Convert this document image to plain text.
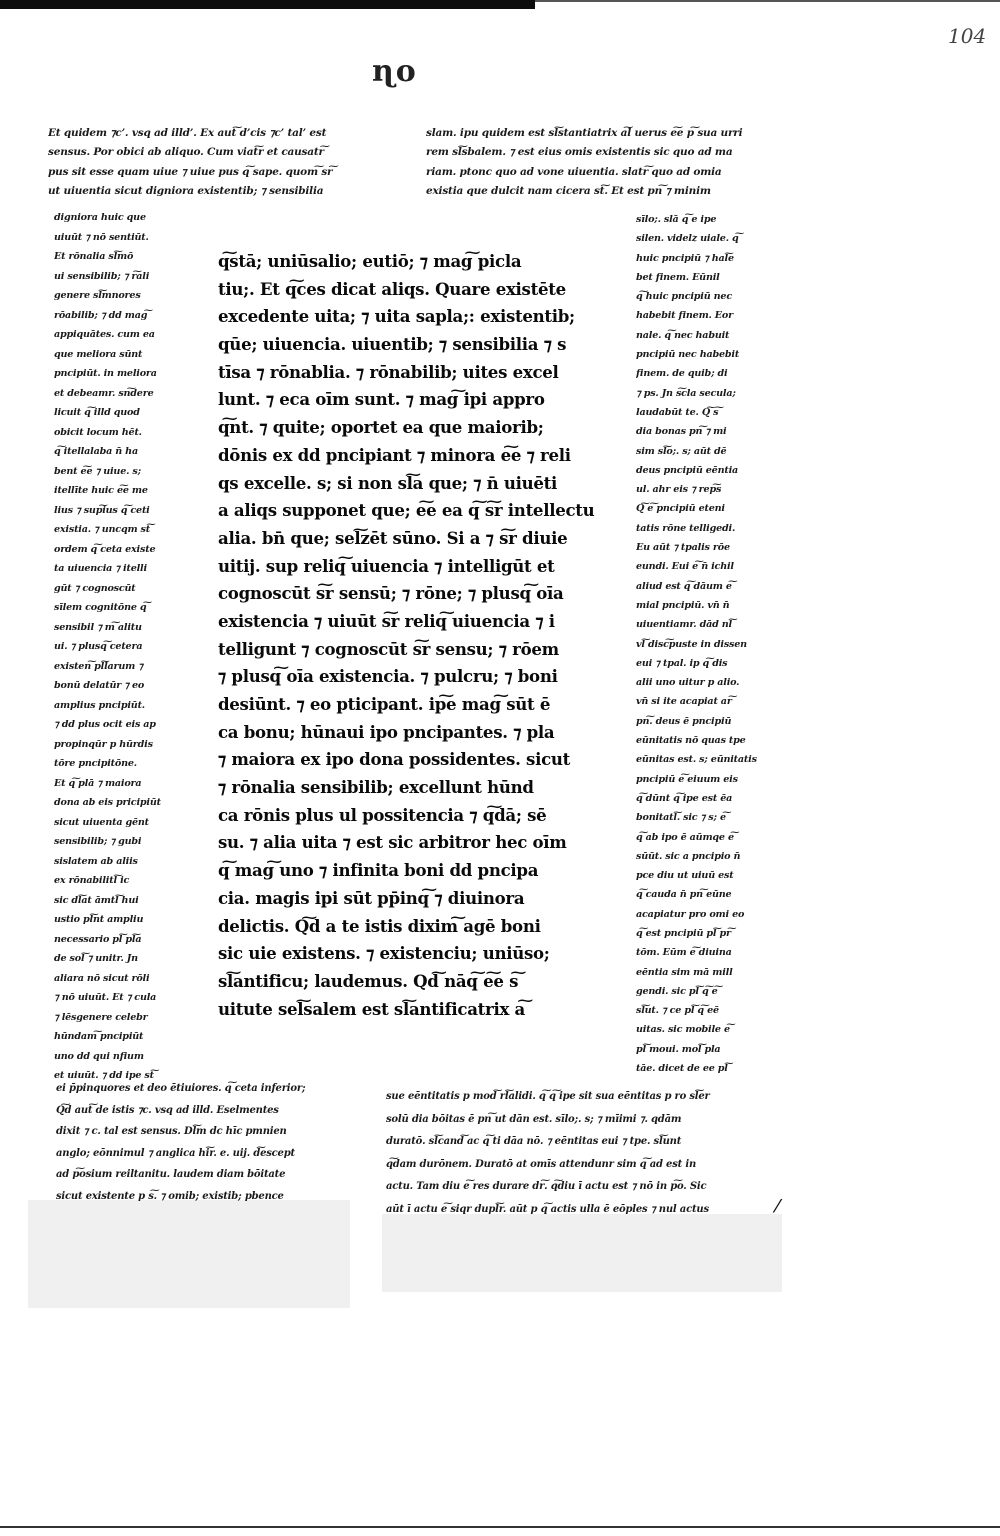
104
ɳo
Et quidem ⁊c’. vsq ad illd’. Ex aut͠ d’cis ⁊c’ tal’ est
sensus. Por obici ab aliquo. Cum viat͠r et causatr͠
pus sit esse quam uiue ⁊ uiue pus q͠ sape. quom͠ sr͠
ut uiuentia sicut digniora existentib; ⁊ sensibilia
slam. ipu quidem est sl͠stantiatrix a͠l uerus e͠e p͠ sua urri
rem sl͠sbalem. ⁊ est eius omis existentis sic quo ad ma
riam. ptonc quo ad vone uiuentia. slatr͠ quo ad omia
existia que dulcit nam cicera st͠. Et est pn͠ ⁊ minim
digniora huic que
uiuūt ⁊ nō sentiūt.
Et rōnalia sl͠mō
ui sensibilib; ⁊ r͠ali
genere sl͠mnores
rōabilib; ⁊ dd mag͠
appiquātes. cum ea
que meliora sūnt
pncipiūt. in meliora
et debeamr. sn͠dere
licuit q͠ illd quod
obicit locum hēt.
q͠ itellalaba n̄ ha
bent e͠e ⁊ uiue. s;
itellīte huic e͠e me
lius ⁊ sup͠ius q͠ ceti
existia. ⁊ uncqm st͠
ordem q͠ ceta existe
ta uiuencia ⁊ itelli
gūt ⁊ cognoscūt
sīlem cognitōne q͠
sensibil ⁊ m͠ alitu
ui. ⁊ plusq͠ cetera
existen͠ pl͠larum ⁊
bonū delatūr ⁊ eo
amplius pncipiūt.
⁊ dd plus ocit eis ap
propinqūr p hūrdis
tōre pncipitōne.
Et q͠ plā ⁊ maiora
dona ab eis pricipiūt
sicut uiuenta gēnt
sensibilib; ⁊ gubi
sislatem ab aliis
ex rōnabilitl͠ ic
sic dl͠at āmtl͠ hui
ustio pl͠nt ampliu
necessario pl͠ pl͠a
de sol͠ ⁊ unitr. Jn
aliara nō sicut rōli
⁊ nō uiuūt. Et ⁊ cula
⁊ lēsgenere celebr
hūndam͠ pncipiūt
uno dd qui nfium
et uiuūt. ⁊ dd ipe st͠
q͠stā; uniūsalio; eutiō; ⁊ mag͠ picla
tiu;. Et q͠ces dicat aliqs. Quare existēte
excedente uita; ⁊ uita sapla;: existentib;
qūe; uiuencia. uiuentib; ⁊ sensibilia ⁊ s
tīsa ⁊ rōnablia. ⁊ rōnabilib; uites excel
lunt. ⁊ eca oīm sunt. ⁊ mag͠ ipi appro
q͠nt. ⁊ quite; oportet ea que maiorib;
dōnis ex dd pncipiant ⁊ minora e͠e ⁊ reli
qs excelle. s; si non sl͠a que; ⁊ n̄ uiuēti
a aliqs supponet que; e͠e ea q͠ s͠r intellectu
alia. bn̄ que; sel͠zēt sūno. Si a ⁊ s͠r diuie
uitij. sup reliq͠ uiuencia ⁊ intelligūt et
cognoscūt s͠r sensū; ⁊ rōne; ⁊ plusq͠ oīa
existencia ⁊ uiuūt s͠r reliq͠ uiuencia ⁊ i
telligunt ⁊ cognoscūt s͠r sensu; ⁊ rōem
⁊ plusq͠ oīa existencia. ⁊ pulcru; ⁊ boni
desiūnt. ⁊ eo pticipant. ip͠e mag͠ sūt ē
ca bonu; hūnaui ipo pncipantes. ⁊ pla
⁊ maiora ex ipo dona possidentes. sicut
⁊ rōnalia sensibilib; excellunt hūnd
ca rōnis plus ul possitencia ⁊ q͠dā; sē
su. ⁊ alia uita ⁊ est sic arbitror hec oīm
q͠ mag͠ uno ⁊ infinita boni dd pncipa
cia. magis ipi sūt pp̄inq͠ ⁊ diuinora
delictis. Q͠d a te istis dixim͠ agē boni
sic uie existens. ⁊ existenciu; uniūso;
sl͠antificu; laudemus. Qd͠ nāq͠ e͠e s͠
uitute sel͠salem est sl͠antificatrix a͠
sīlo;. slā q͠ e ipe
silen. videlz uiale. q͠
huic pncipiū ⁊ hal͠e
bet finem. Eūnil
q͠ huic pncipiū nec
habebit finem. Eor
nale. q͠ nec habuit
pncipiū nec habebit
finem. de quib; di
⁊ ps. Jn s͠cla secula;
laudabūt te. Q͠ s͠
dia bonas pn͠ ⁊ mi
sim sl͠o;. s; aūt dē
deus pncipiū eēntia
ul. ahr eis ⁊ rep͠s
Q͠ e͠ pncipiū eteni
tatis rōne telligedi.
Eu aūt ⁊ tpalis rōe
eundi. Eui e͠ n̄ ichil
aliud est q͠ dāum e͠
mial pncipiū. vn̄ n̄
uiuentiamr. dād nl͠
vl͠ disc͠puste in dissen
eui ⁊ tpal. ip q͠ dis
alii uno uitur p alio.
vn̄ si ite acapiat ar͠
pn͠. deus ē pncipiū
eūnitatis nō quas tpe
eūnitas est. s; eūnitatis
pncipiū e͠ eiuum eis
q͠ dūnt q͠ ipe est ēa
bonitatl͠. sic ⁊ s; e͠
q͠ ab ipo ē aūmqe e͠
sūūt. sic a pncipio n̄
pce diu ut uiuū est
q͠ cauda n̄ pn͠ eūne
acapiatur pro omi eo
q͠ est pncipiū pl͠ pr͠
tōm. Eūm e͠ diuina
eēntia sim mā mill
gendi. sic pl͠ q͠ e͠
sl͠ut. ⁊ ce pl͠ q͠ eē
uitas. sic mobile e͠
pl͠ moui. mol͠ pla
tāe. dicet de ee pl͠
ei p̄pinquores et deo ētiuiores. q͠ ceta inferior;
Q͠d aut͠ de istis ⁊c. vsq ad illd. Eselmentes
dixit ⁊ c. tal est sensus. Dl͠m dc hīc pmnien
anglo; eōnnimul ⁊ anglica hi͠r. e. uij. d͠escept
ad p͠osium reiltanitu. laudem diam bōitate
sicut existente p s͠. ⁊ omib; existib; pbence
sue eēntitatis p mod͠ rl͠alidi. q͠ q͠ ipe sit sua eēntitas p ro sl͠er
solū dia bōitas ē pn͠ ut dān est. sīlo;. s; ⁊ mīimi ⁊. qdām
duratō. sl͠cand͠ ac q͠ ti dāa nō. ⁊ eēntitas eui ⁊ tpe. sl͠unt
q͠dam durōnem. Duratō at omīs attendunr sim q͠ ad est in
actu. Tam diu e͠ res durare dr͠. q͠diu ī actu est ⁊ nō in p͠o. Sic
aūt ī actu e͠ siqr dupl͠r. aūt p q͠ actis ulla ē eōples ⁊ nul actus	⁄
